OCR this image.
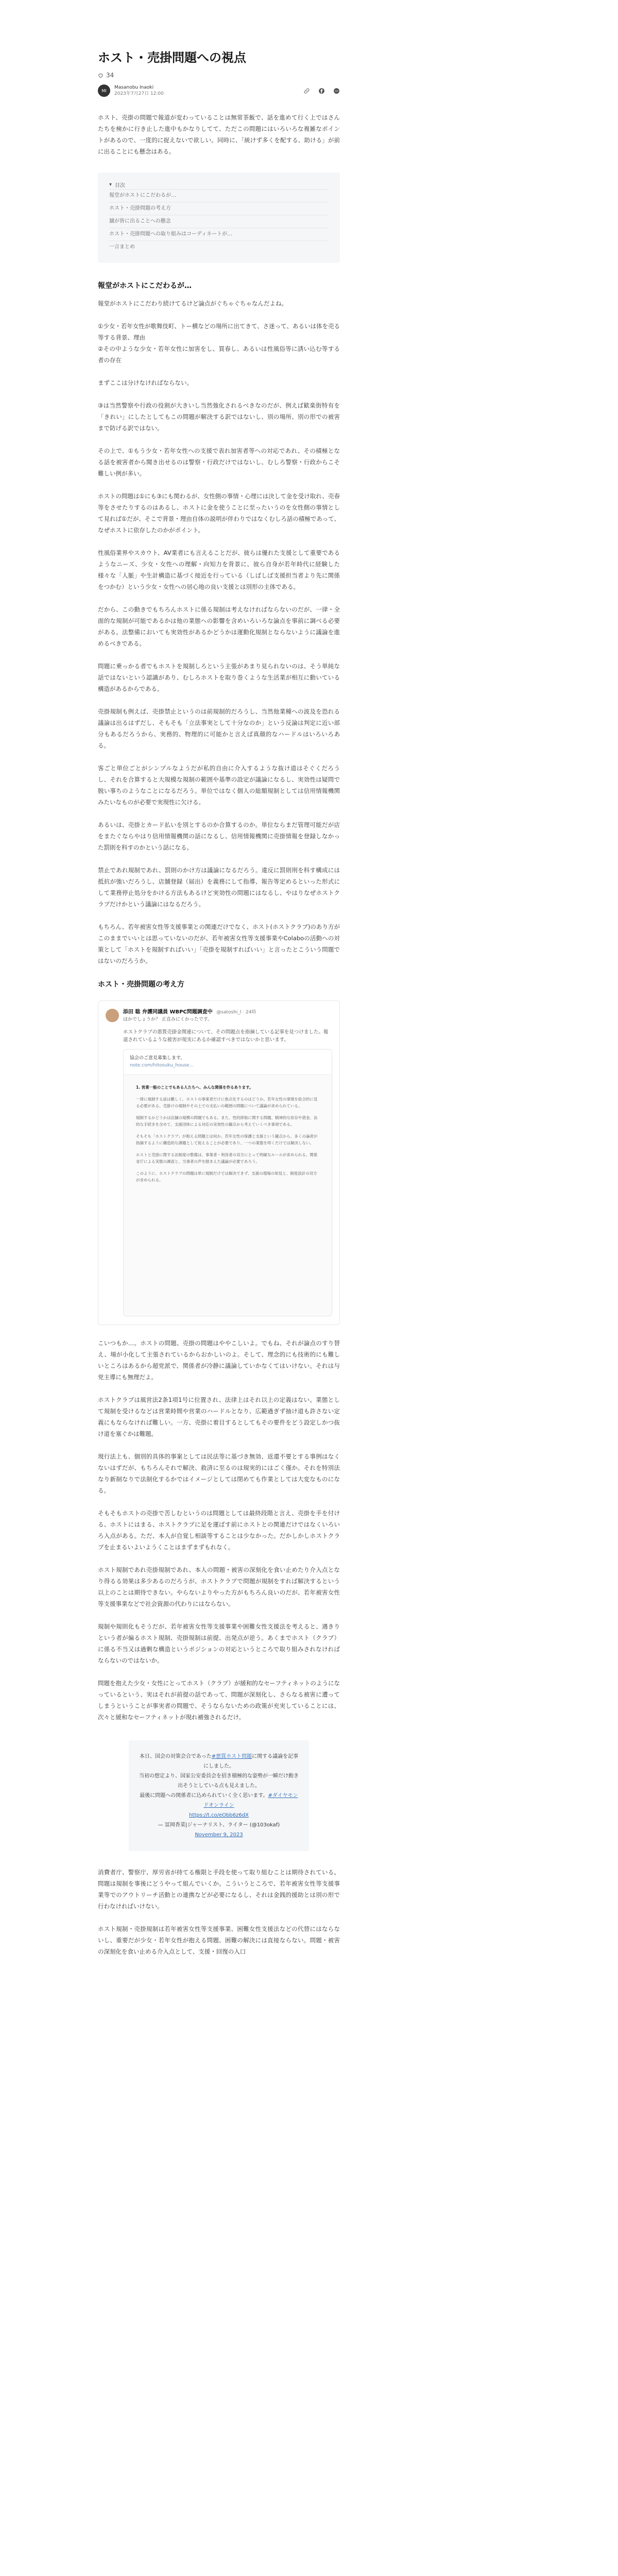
ホスト・売掛問題への視点
34
MI
Masanobu Inaoki
2023年7月27日 12:00

ホスト、売掛の問題で報道が変わっていることは無常茶飯で、話を進めて行く上ではさんたちを検かに行き止した進中もかなりしてて、ただこの問題にはいろいろな複雑なポイントがあるので、一度的に捉えないで欲しい。同時に、「統けず多くを配する、助ける」が前に出ることにも懸念はある。

▾ 目次
報堂がホストにこだわるが…
ホスト・売掛問題の考え方
舗が皆に出ることへの懸念
ホスト・売掛問題への取り組みはコーディネートが…
一言まとめ
報堂がホストにこだわるが…

報堂がホストにこだわり続けてるけど論点がぐちゃぐちゃなんだよね。

①少女・若年女性が歌舞伎町、トー横などの場所に出てきて、さ迷って、あるいは体を売る等する背景、理由
②その中ような少女・若年女性に加害をし、買春し、あるいは性風俗等に誘い込む等する者の存在

まずここは分けなければならない。

③は当然警察や行政の役割が大きいし当然強化されるべきなのだが、例えば歓楽街特有を「きれい」にしたとしてもこの問題が解決する訳ではないし、別の場所、別の形での被害まで防げる訳ではない。

その上で、①もう少女・若年女性への支援で表れ加害者等への対応であれ、その積極となる話を被害者から聞き出せるのは警察・行政だけではないし、むしろ警察・行政からこそ難しい例が多い。

ホストの問題は①にも③にも関わるが、女性側の事情・心理には決して金を受け取れ、売春等をさせたりするのはあるし、ホストに金を使うことに至ったいうのを女性側の事情として見れば①だが、そこで背景・理由自体の説明が伴わりではなくむしろ話の積極であって、なぜホストに依存したのかがポイント。

性風俗業界やスカウト、AV業者にも言えることだが、彼らは優れた支援として重要であるようなニーズ、少女・女性への理解・向知力を背景に、彼ら自身が若年時代に経験した様々な「人脈」や生計構造に基づく接近を行っている（しばしば支援担当者より先に関係をつかむ）という少女・女性への居心地の良い支援とは別形の主体である。

だから、この動きでもちろんホストに係る規制は考えなければならないのだが、一律・全面的な規制が可能であるかは他の業態への影響を含めいろいろな論点を事前に調べる必要がある。法整備においても実効性があるかどうかは運動化規制とならないように議論を進めるべきである。

問題に乗っかる者でもホストを規制しろという主張があまり見られないのは、そう単純な話ではないという認識があり、むしろホストを取り巻くような生活業が相互に動いている構造があるからである。

売掛規制も例えば、売掛禁止というのは前規制的だろうし、当然他業種への波及を恐れる議論は出るはずだし、そもそも「立法事実として十分なのか」という反論は判定に近い部分もあるだろうから、実務的、物理的に可能かと言えば真顔的なハードルはいろいろある。

客ごと単位ごとがシンプルなようだが私的自由に介入するような抜け道はそぐくだろうし、それを合算すると大規模な規制の範囲や基準の設定が議論になるし、実効性は疑問で脱い事ちのようなことになるだろう。単位ではなく個人の総額規制としては信用情報機関みたいなものが必要で実現性に欠ける。

あるいは、売掛とカード払いを別とするのか合算するのか。単位ならまだ管理可能だが店をまたぐならやはり信用情報機関の話になるし、信用情報機関に売掛情報を登録しなかった罰則を科すのかという話になる。

禁止であれ規制であれ、罰則のかけ方は議論になるだろう。違反に罰則刑を科す構成には抵抗が強いだろうし、店舗登録（届出）を義務にして指導、報告等定めるといった形式にして業務停止処分をかける方法もあるけど実効性の問題にはなるし、やはりなぜホストクラブだけかという議論にはなるだろう。

もちろん、若年被害女性等支援事業との関連だけでなく、ホスト(ホストクラブ)のあり方がこのままでいいとは思っていないのだが、若年被害女性等支援事業やColaboの活動への対策として「ホストを規制すればいい」「売掛を規制すればいい」と言ったとこういう問題ではないのだろうか。

ホスト・売掛問題の考え方
添田 聡 弁護同議員 WBPC問題調査中 @satoshi_l · 24時
ほかでしょうか？ 正直みにくかったです。
ホストクラブの悪質売掛金関連について、その問題点を指摘している記事を見つけました。報道されているような被害が現実にあるか確認すべきではないかと思います。
協会のご意見募集します。
note.com/hitosuku_house...

1. 営業一般のことでもある人たちへ、みんな関係を作るあります。

一律に規制する話は難しく、ホストの事業者だけに焦点化するのはどうか。若年女性の事情を総合的に見る必要がある。売掛けの規制やその上での支払いの範囲の問題について議論が求められている。

規制するかどうかは店舗の規模の問題でもある。また、性的搾取に関する問題、精神的な依存や借金、法的な手続きを含めて、支援団体による対応の実効性の観点から考えていくべき事項である。

そもそも「ホストクラブ」が抱える問題とは何か。若年女性の保護と支援という観点から、多くの論者が指摘するように構造的な課題として捉えることが必要であり、一つの業態を叩くだけでは解決しない。

ホストと売掛に関する法制度の整備は、事業者・利用者の双方にとって明確なルールが求められる。関係省庁による実態の調査と、当事者の声を踏まえた議論が必要であろう。

このように、ホストクラブの問題は単に規制だけでは解決できず、支援の現場の知見と、制度設計の双方が求められる。

こいつもか…。ホストの問題、売掛の問題はややこしいよ。でもね、それが論点のすり替え、場が小化して主張されているからおかしいのよ。そして、理念的にも技術的にも難しいところはあるから超党派で、関係者が冷静に議論していかなくてはいけない。それは与党主導にも無理だよ。

ホストクラブは風営法2条1項1号に位置され、法律上はそれ以上の定義はない。業態として規制を受けるなどは営業時間や営業のハードルとなり、広範過ぎず抽け道も許さない定義にもならなければ難しい。一方、売掛に着目するとしてもその要件をどう設定しかつ抜け道を塞ぐかは難題。

現行法上も、個別的具体的事案としては民法等に基づき無効、返還不要とする事例はなくないはずだが、もちろんそれで解決、救済に至るのは規実的にはごく僅か。それを特別法なり新制なりで法制化するかではイメージとしては閉めても作業としては大変なものになる。

そもそもホストの売掛で苦しむというのは問題としては最終段階と言え、売掛を手を付ける、ホストにはまる、ホストクラブに足を運ばす前にホストとの関連だけではなくいろいろ入点がある。ただ、本人が自覚し相談等することは少なかった。だかしかしホストクラブを止まるいよいようくことはまずまずもれなく。

ホスト規制であれ売掛規制であれ、本人の問題・被害の深刻化を食い止めたり介入点となり得るる効果は多少あるのだろうが、ホストクラブで問題が規制をすれば解決するという以上のことは期待できない。やらないよりやった方がもちろん良いのだが、若年被害女性等支援事業などで社会資源の代わりにはならない。

規制や規則化もそうだが、若年被害女性等支援事業や困難女性支援法を考えると、遇きりという者が偏るホスト規制、売掛規制は前提、出発点が逆う。あくまでホスト（クラブ）に係る不当又は過剰な構造というポジションの対応というところで取り組みされなければならないのではないか。

問題を抱えた少女・女性にとってホスト（クラブ）が緩和的なセーフティネットのようになっているという、実はそれが前提の話であって、問題が深刻化し、さらなる被害に遭ってしまうということが事実者の問題で、そうならないための政策が充実していることには、次々と緩和なセーフティネットが現れ補強されるだけ。

本日、国会の対策会合であった#悪質ホスト問題に関する議論を記事にしました。
当初の想定より、国家公安委員会を招き積極的な姿勢が一瞬だけ動き出そうとしている点も見えました。
最後に問題への関係者に込められていく全く思います。#ダイヤモンドオンライン
https://t.co/eObb6z6dX
— 冨岡香菜|ジャーナリスト、ライター (@103okaf)
November 9, 2023

消費者庁、警察庁、厚労省が持てる権限と手段を使って取り組むことは期待されている。問題は規制を事後にどうやって組んでいくか。こういうところで、若年被害女性等支援事業等でのアウトリーチ活動との連携などが必要になるし、それは金銭的援助とは別の形で行わなければいけない。

ホスト規制・売掛規制は若年被害女性等支援事業、困難女性支援法などの代替にはならないし、重要だが少女・若年女性が抱える問題、困難の解決には直接ならない。問題・被害の深刻化を食い止める介入点として、支援・回復の入口
